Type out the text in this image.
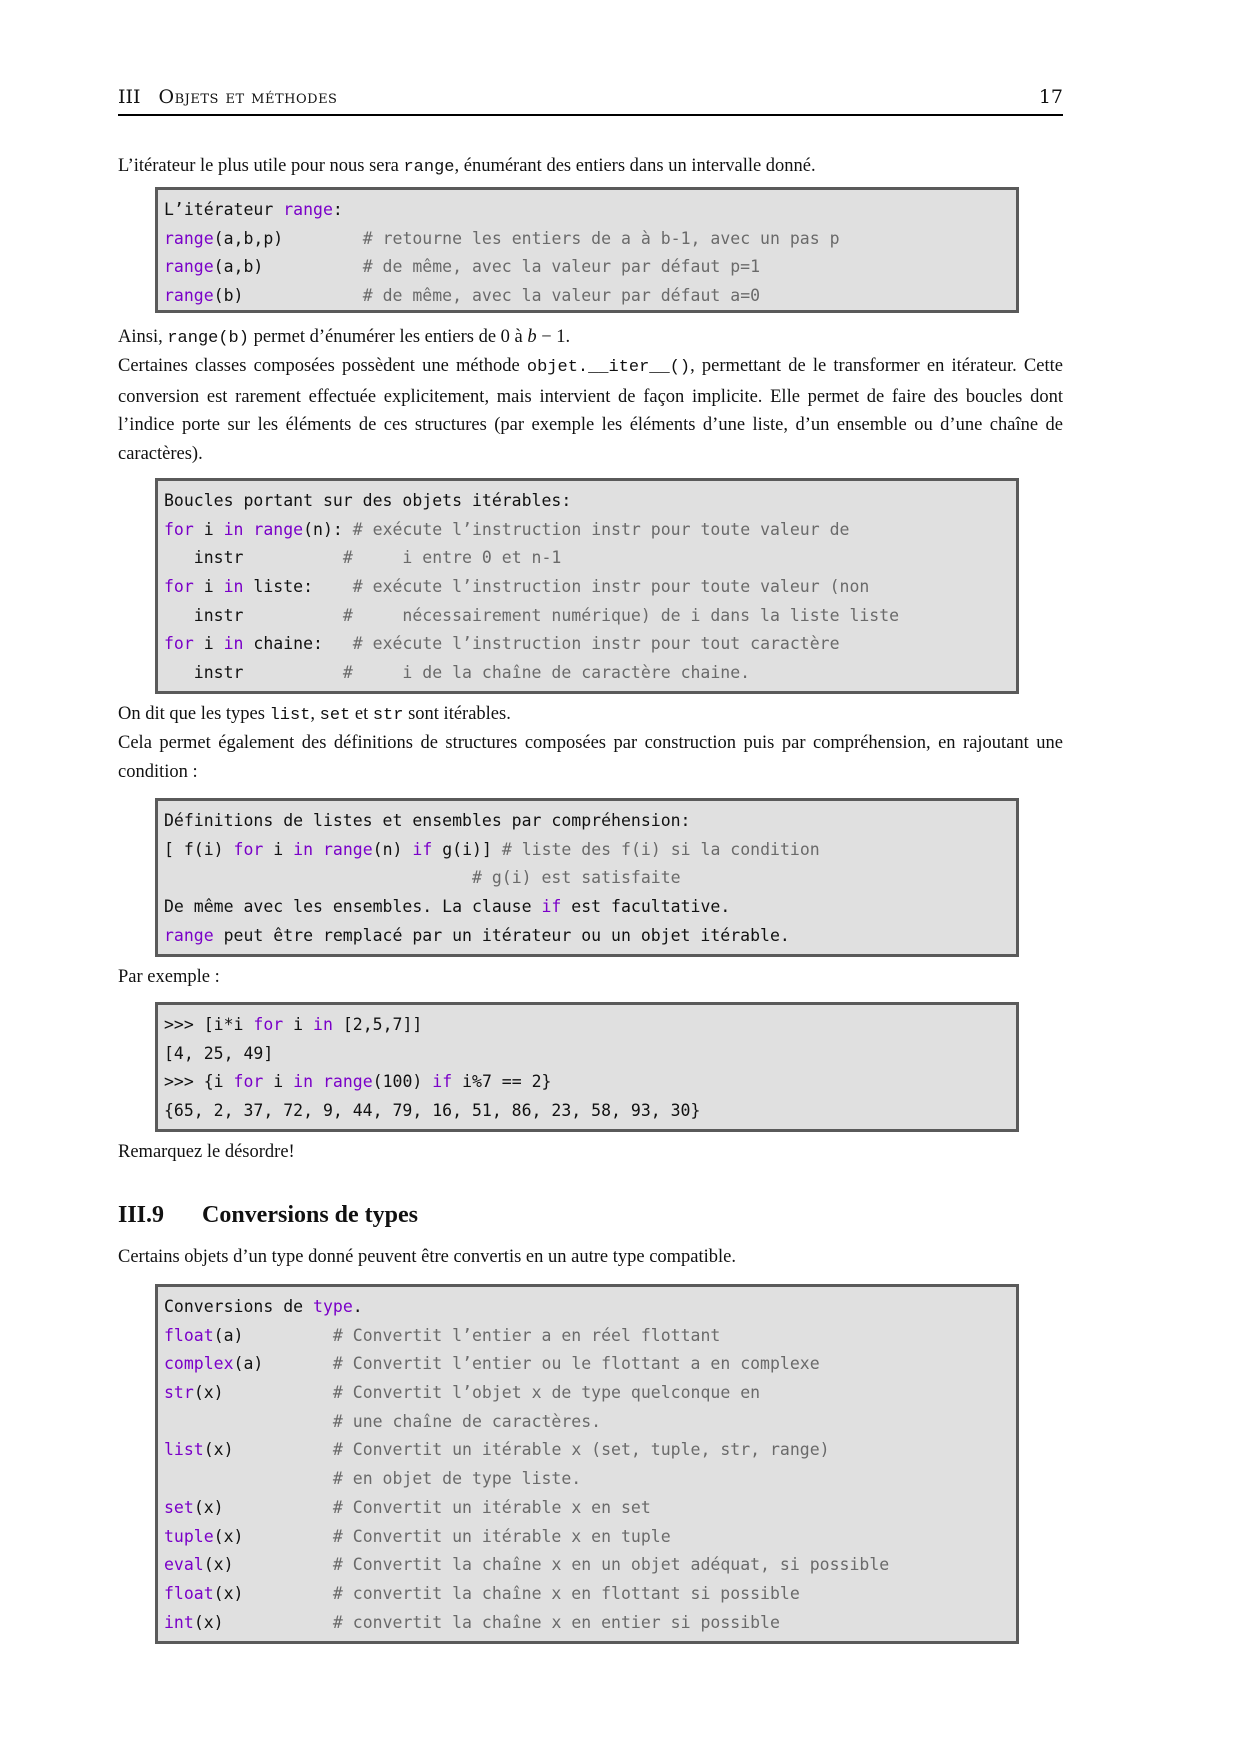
III Objets et méthodes	17
L’itérateur le plus utile pour nous sera range, énumérant des entiers dans un intervalle donné.
L’itérateur range:
range(a,b,p)	# retourne les entiers de a à b-1, avec un pas p
range(a,b)	# de même, avec la valeur par défaut p=1
range(b)	# de même, avec la valeur par défaut a=0
Ainsi, range(b) permet d’énumérer les entiers de 0 à b − 1.
Certaines classes composées possèdent une méthode objet.__iter__(), permettant de le transformer en itérateur. Cette conversion est rarement effectuée explicitement, mais intervient de façon implicite. Elle permet de faire des boucles dont l’indice porte sur les éléments de ces structures (par exemple les éléments d’une liste, d’un ensemble ou d’une chaîne de caractères).
Boucles portant sur des objets itérables:
for i in range(n): # exécute l’instruction instr pour toute valeur de
instr          #     i entre 0 et n-1
for i in liste:    # exécute l’instruction instr pour toute valeur (non
instr          #     nécessairement numérique) de i dans la liste liste
for i in chaine:   # exécute l’instruction instr pour tout caractère
instr          #     i de la chaîne de caractère chaine.
On dit que les types list, set et str sont itérables.
Cela permet également des définitions de structures composées par construction puis par compréhension, en rajoutant une condition :
Définitions de listes et ensembles par compréhension:
[ f(i) for i in range(n) if g(i)] # liste des f(i) si la condition
# g(i) est satisfaite
De même avec les ensembles. La clause if est facultative.
range peut être remplacé par un itérateur ou un objet itérable.
Par exemple :
>>> [i*i for i in [2,5,7]]
[4, 25, 49]
>>> {i for i in range(100) if i%7 == 2}
{65, 2, 37, 72, 9, 44, 79, 16, 51, 86, 23, 58, 93, 30}
Remarquez le désordre!
III.9 Conversions de types
Certains objets d’un type donné peuvent être convertis en un autre type compatible.
Conversions de type.
float(a)	# Convertit l’entier a en réel flottant
complex(a)	# Convertit l’entier ou le flottant a en complexe
str(x)	# Convertit l’objet x de type quelconque en
# une chaîne de caractères.
list(x)	# Convertit un itérable x (set, tuple, str, range)
# en objet de type liste.
set(x)	# Convertit un itérable x en set
tuple(x)	# Convertit un itérable x en tuple
eval(x)	# Convertit la chaîne x en un objet adéquat, si possible
float(x)	# convertit la chaîne x en flottant si possible
int(x)	# convertit la chaîne x en entier si possible
